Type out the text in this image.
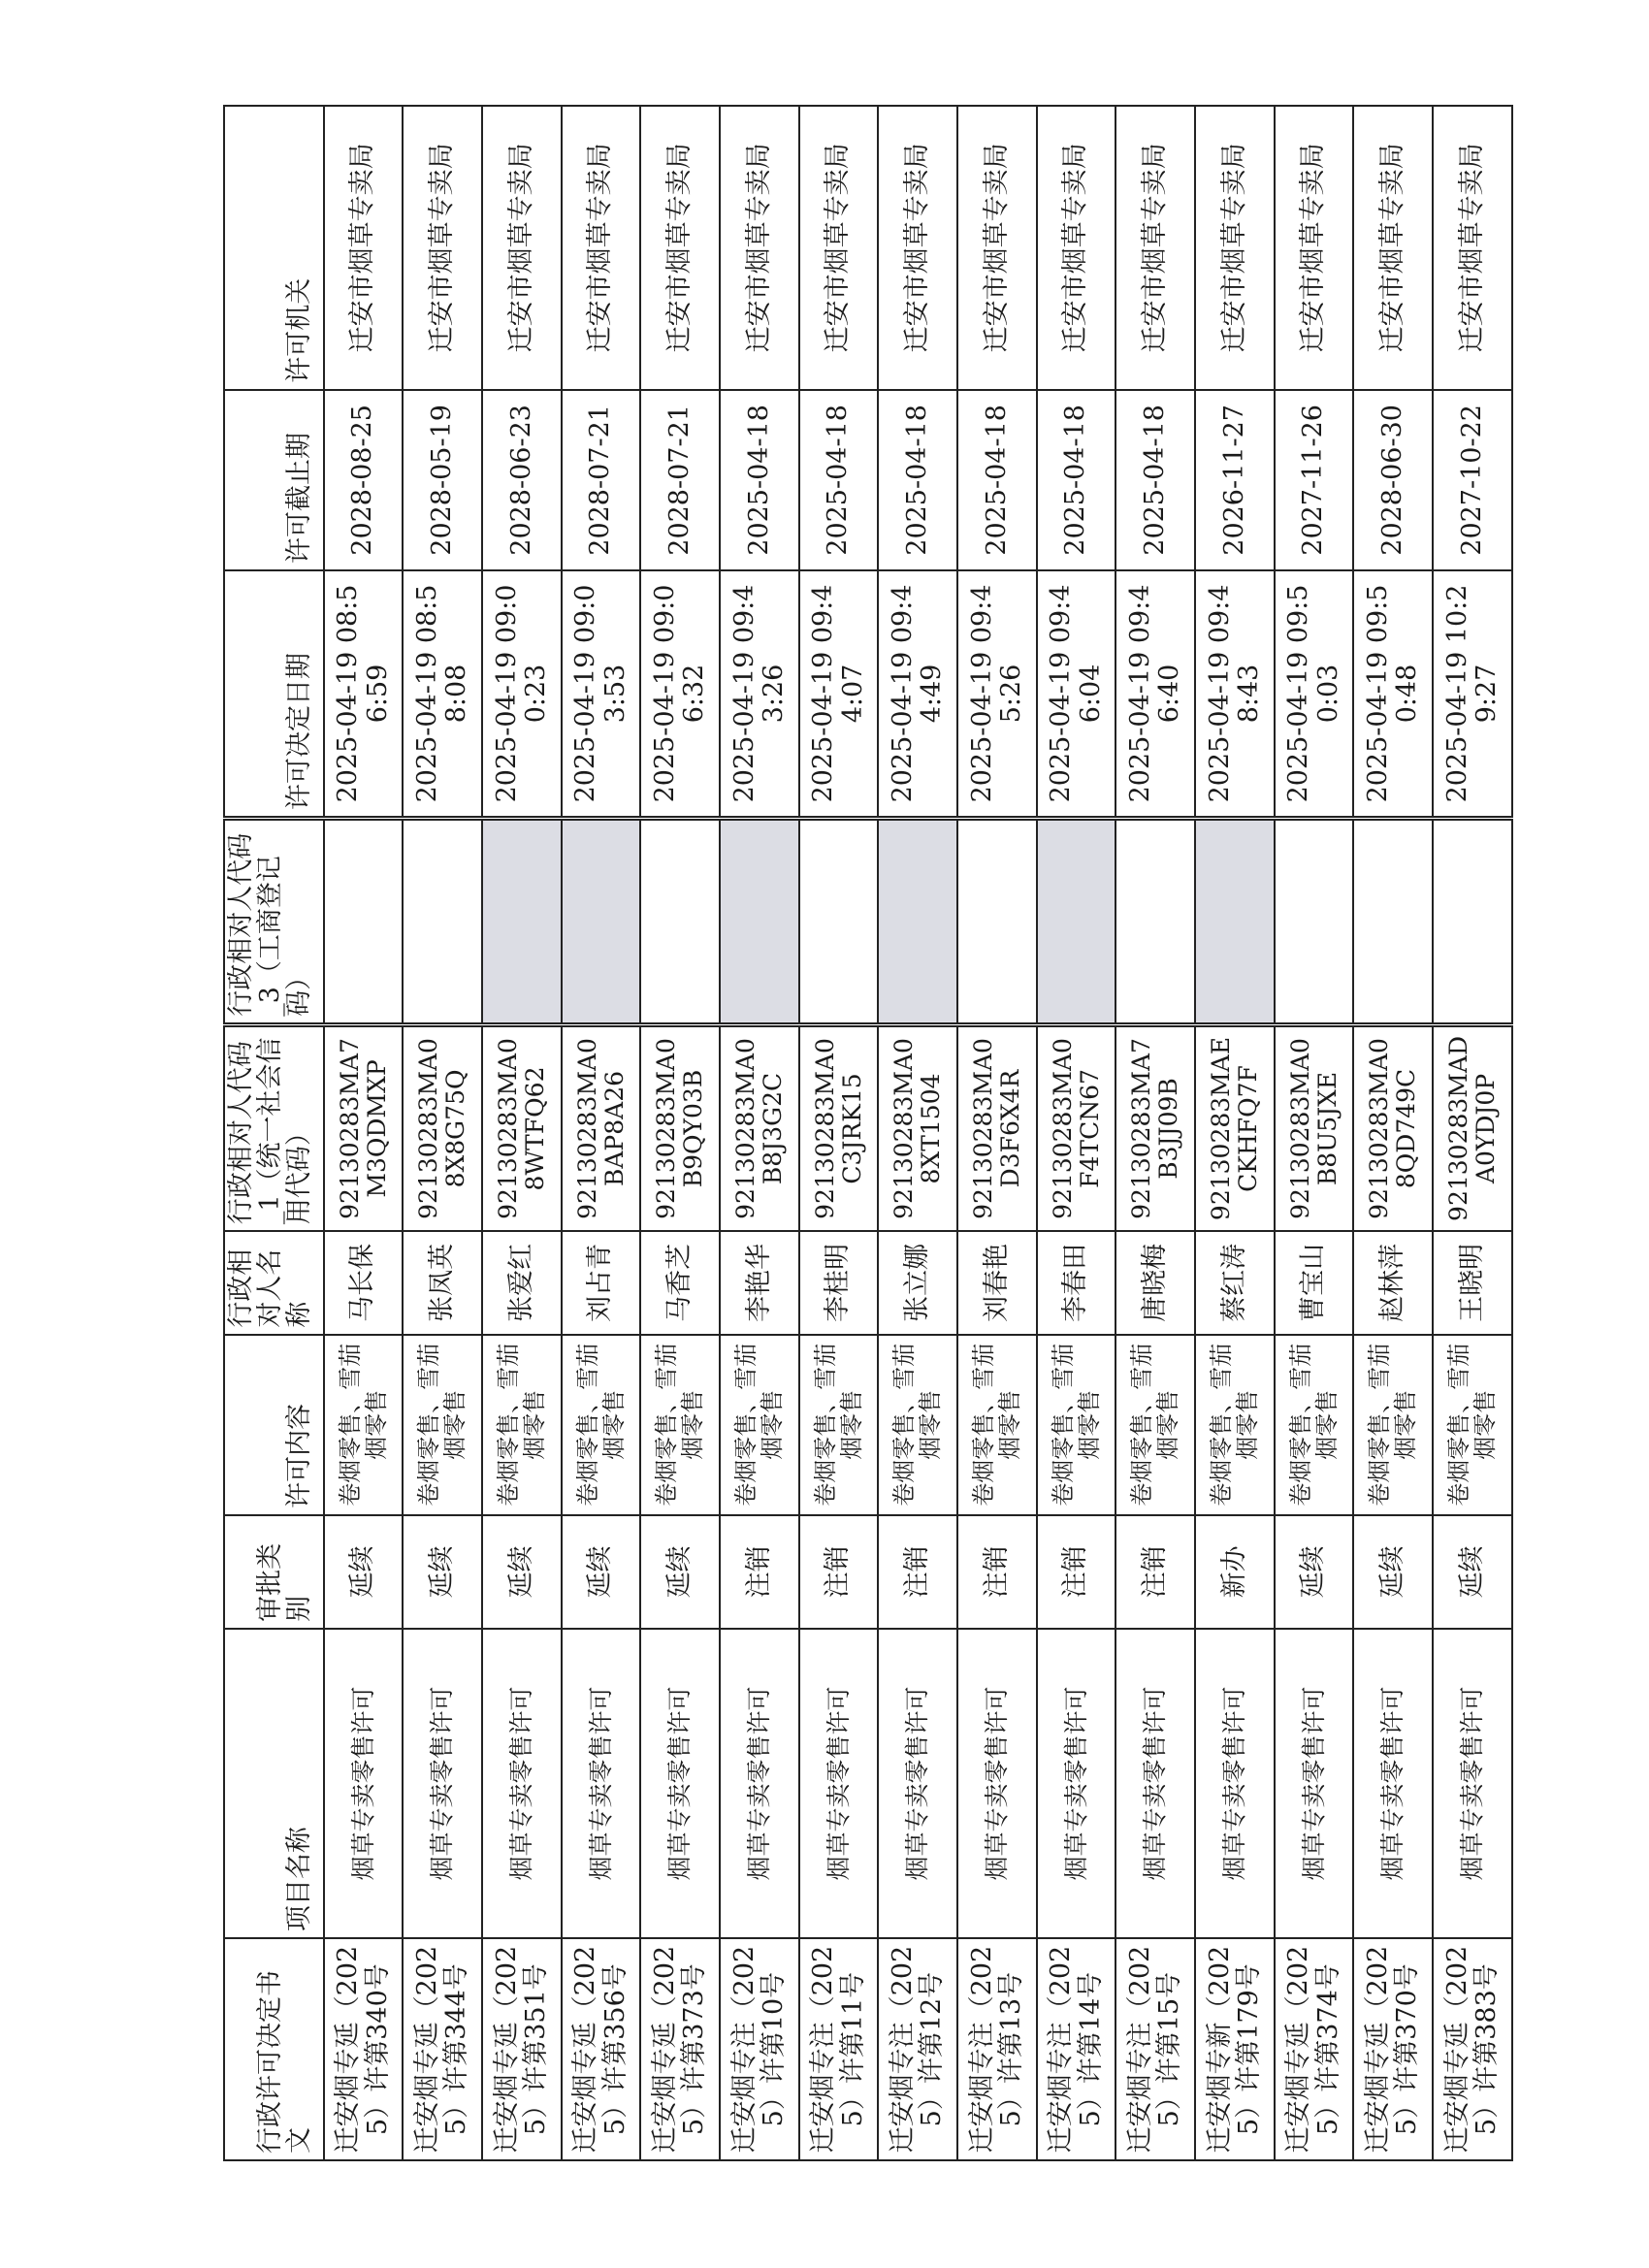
行政许可决定书文	项目名称	审批类别	许可内容	行政相对人名称	行政相对人代码_1（统一社会信用代码）	行政相对人代码_3（工商登记码）	许可决定日期	许可截止期	许可机关
迁安烟专延（2025）许第340号	烟草专卖零售许可	延续	卷烟零售、雪茄烟零售	马长保	92130283MA7M3QDMXP		2025-04-19 08:56:59	2028-08-25	迁安市烟草专卖局
迁安烟专延（2025）许第344号	烟草专卖零售许可	延续	卷烟零售、雪茄烟零售	张凤英	92130283MA08X8G75Q		2025-04-19 08:58:08	2028-05-19	迁安市烟草专卖局
迁安烟专延（2025）许第351号	烟草专卖零售许可	延续	卷烟零售、雪茄烟零售	张爱红	92130283MA08WTFQ62		2025-04-19 09:00:23	2028-06-23	迁安市烟草专卖局
迁安烟专延（2025）许第356号	烟草专卖零售许可	延续	卷烟零售、雪茄烟零售	刘占青	92130283MA0BAP8A26		2025-04-19 09:03:53	2028-07-21	迁安市烟草专卖局
迁安烟专延（2025）许第373号	烟草专卖零售许可	延续	卷烟零售、雪茄烟零售	马香芝	92130283MA0B9QY03B		2025-04-19 09:06:32	2028-07-21	迁安市烟草专卖局
迁安烟专注（2025）许第10号	烟草专卖零售许可	注销	卷烟零售、雪茄烟零售	李艳华	92130283MA0B8J3G2C		2025-04-19 09:43:26	2025-04-18	迁安市烟草专卖局
迁安烟专注（2025）许第11号	烟草专卖零售许可	注销	卷烟零售、雪茄烟零售	李桂明	92130283MA0C3JRK15		2025-04-19 09:44:07	2025-04-18	迁安市烟草专卖局
迁安烟专注（2025）许第12号	烟草专卖零售许可	注销	卷烟零售、雪茄烟零售	张立娜	92130283MA08XT1504		2025-04-19 09:44:49	2025-04-18	迁安市烟草专卖局
迁安烟专注（2025）许第13号	烟草专卖零售许可	注销	卷烟零售、雪茄烟零售	刘春艳	92130283MA0D3F6X4R		2025-04-19 09:45:26	2025-04-18	迁安市烟草专卖局
迁安烟专注（2025）许第14号	烟草专卖零售许可	注销	卷烟零售、雪茄烟零售	李春田	92130283MA0F4TCN67		2025-04-19 09:46:04	2025-04-18	迁安市烟草专卖局
迁安烟专注（2025）许第15号	烟草专卖零售许可	注销	卷烟零售、雪茄烟零售	唐晓梅	92130283MA7B3JJ09B		2025-04-19 09:46:40	2025-04-18	迁安市烟草专卖局
迁安烟专新（2025）许第179号	烟草专卖零售许可	新办	卷烟零售、雪茄烟零售	蔡红涛	92130283MAECKHFQ7F		2025-04-19 09:48:43	2026-11-27	迁安市烟草专卖局
迁安烟专延（2025）许第374号	烟草专卖零售许可	延续	卷烟零售、雪茄烟零售	曹宝山	92130283MA0B8U5JXE		2025-04-19 09:50:03	2027-11-26	迁安市烟草专卖局
迁安烟专延（2025）许第370号	烟草专卖零售许可	延续	卷烟零售、雪茄烟零售	赵林萍	92130283MA08QD749C		2025-04-19 09:50:48	2028-06-30	迁安市烟草专卖局
迁安烟专延（2025）许第383号	烟草专卖零售许可	延续	卷烟零售、雪茄烟零售	王晓明	92130283MADA0YDJ0P		2025-04-19 10:29:27	2027-10-22	迁安市烟草专卖局
